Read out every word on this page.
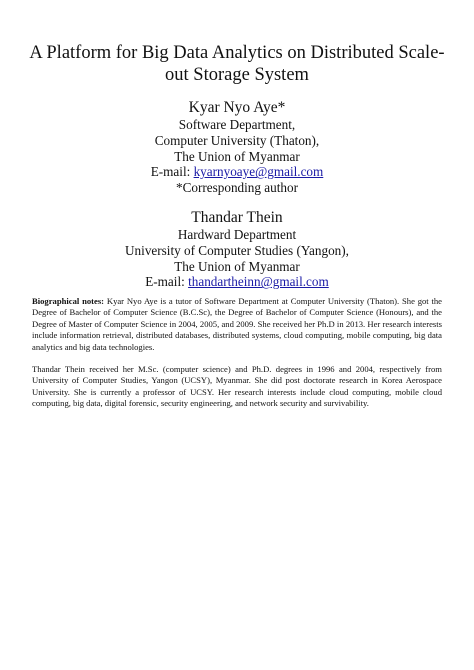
A Platform for Big Data Analytics on Distributed Scale-out Storage System
Kyar Nyo Aye*
Software Department,
Computer University (Thaton),
The Union of Myanmar
E-mail: kyarnyoaye@gmail.com
*Corresponding author
Thandar Thein
Hardward Department
University of Computer Studies (Yangon),
The Union of Myanmar
E-mail: thandartheinn@gmail.com
Biographical notes: Kyar Nyo Aye is a tutor of Software Department at Computer University (Thaton). She got the Degree of Bachelor of Computer Science (B.C.Sc), the Degree of Bachelor of Computer Science (Honours), and the Degree of Master of Computer Science in 2004, 2005, and 2009. She received her Ph.D in 2013. Her research interests include information retrieval, distributed databases, distributed systems, cloud computing, mobile computing, big data analytics and big data technologies.
Thandar Thein received her M.Sc. (computer science) and Ph.D. degrees in 1996 and 2004, respectively from University of Computer Studies, Yangon (UCSY), Myanmar. She did post doctorate research in Korea Aerospace University. She is currently a professor of UCSY. Her research interests include cloud computing, mobile cloud computing, big data, digital forensic, security engineering, and network security and survivability.
